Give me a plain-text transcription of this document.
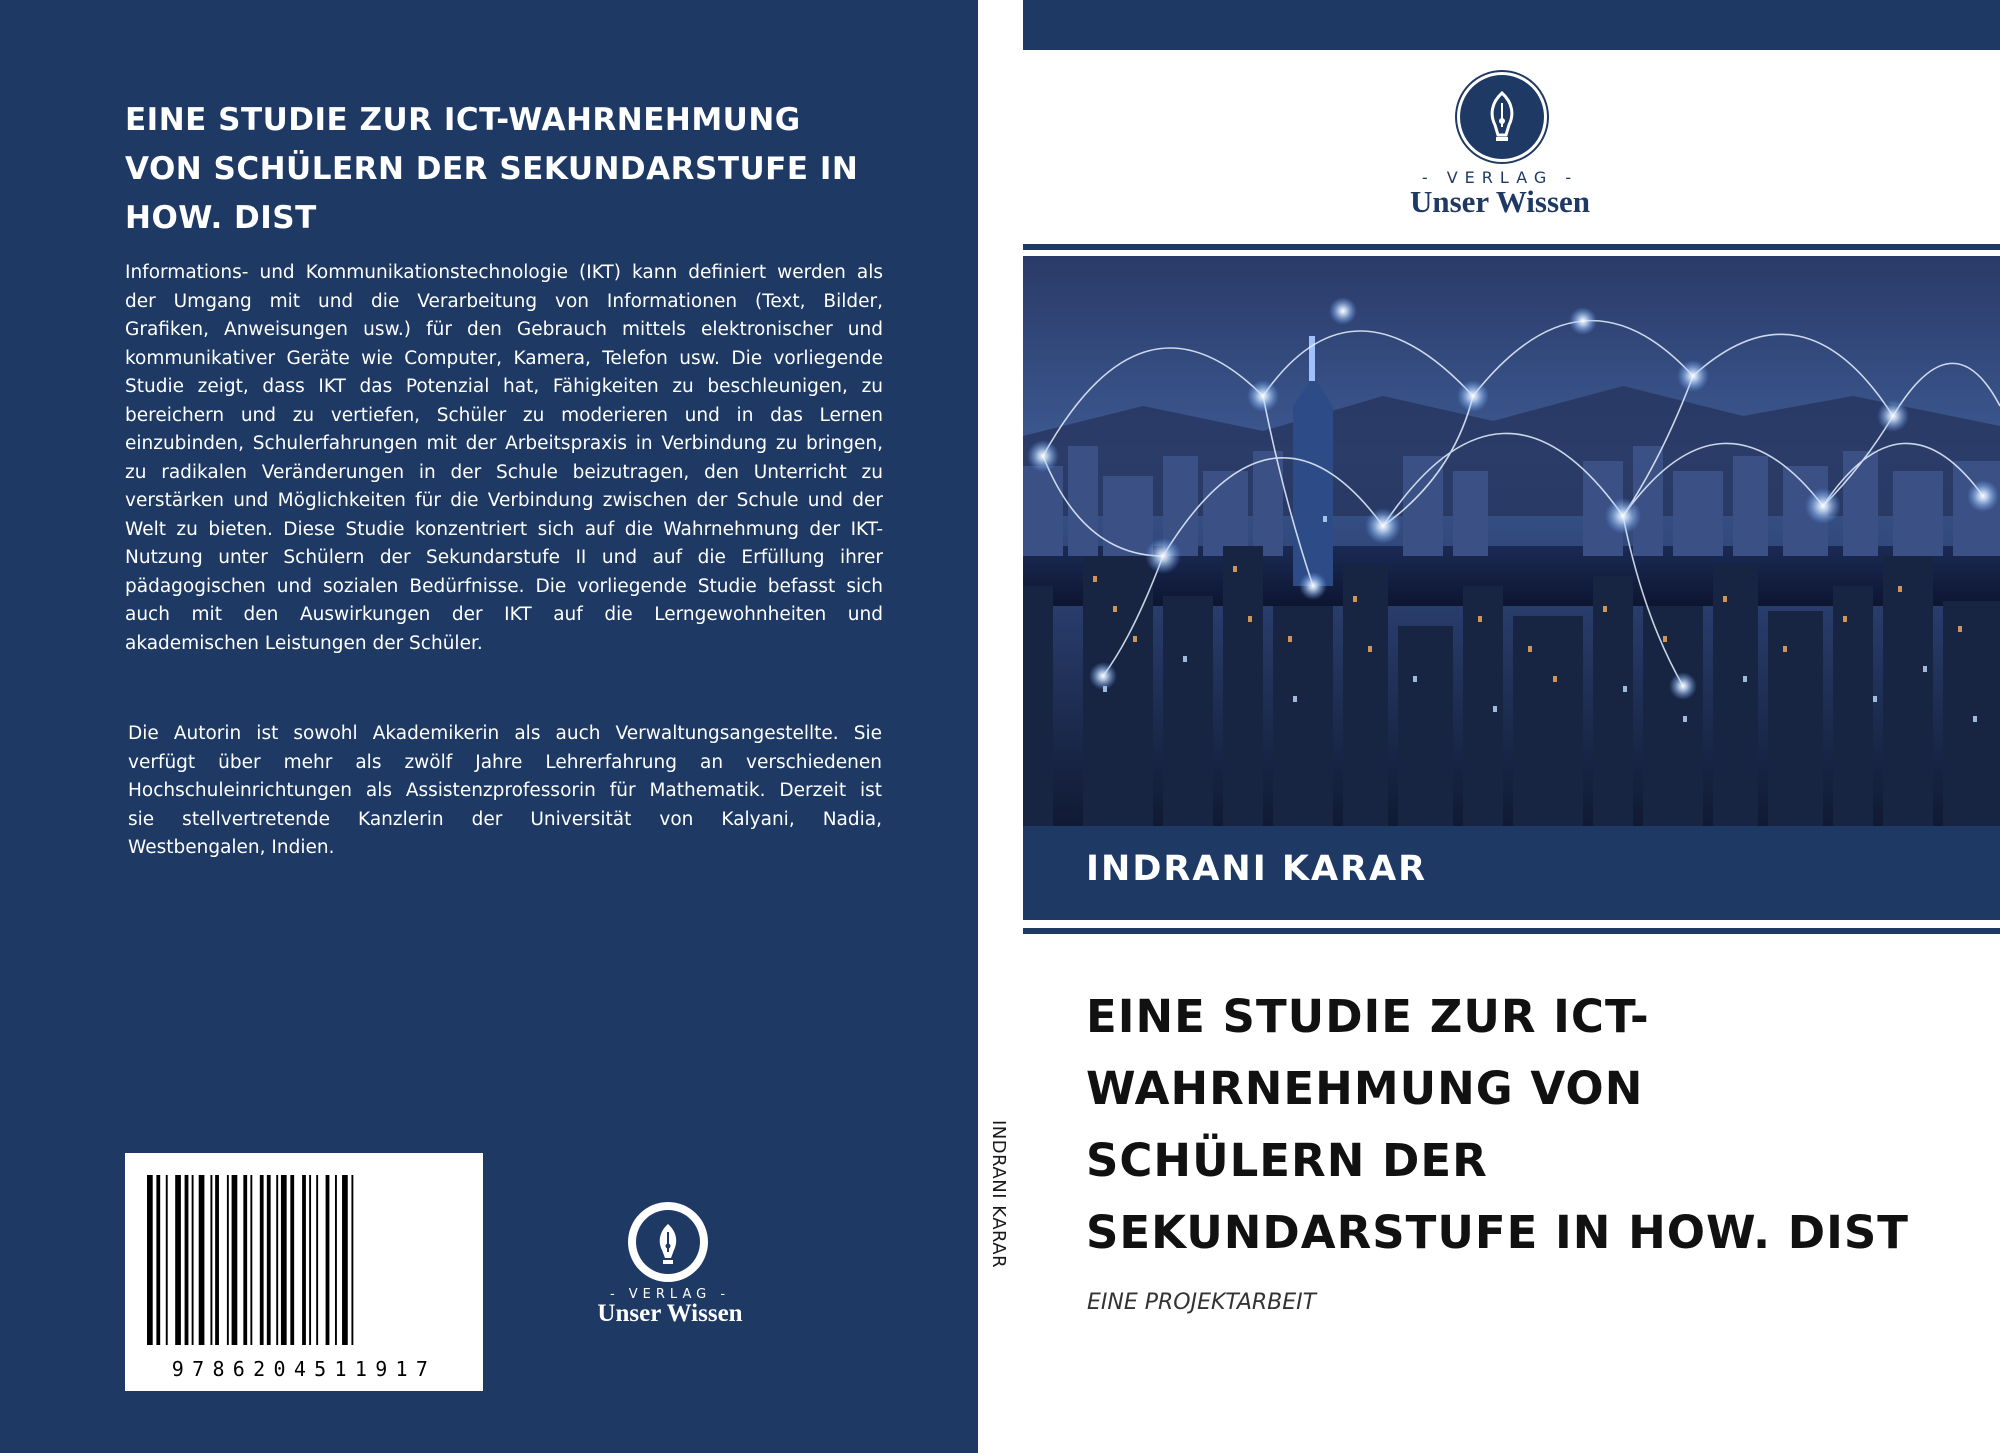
EINE STUDIE ZUR ICT-WAHRNEHMUNG
VON SCHÜLERN DER SEKUNDARSTUFE IN
HOW. DIST
Informations- und Kommunikationstechnologie (IKT) kann definiert werden als
der Umgang mit und die Verarbeitung von Informationen (Text, Bilder,
Grafiken, Anweisungen usw.) für den Gebrauch mittels elektronischer und
kommunikativer Geräte wie Computer, Kamera, Telefon usw. Die vorliegende
Studie zeigt, dass IKT das Potenzial hat, Fähigkeiten zu beschleunigen, zu
bereichern und zu vertiefen, Schüler zu moderieren und in das Lernen
einzubinden, Schulerfahrungen mit der Arbeitspraxis in Verbindung zu bringen,
zu radikalen Veränderungen in der Schule beizutragen, den Unterricht zu
verstärken und Möglichkeiten für die Verbindung zwischen der Schule und der
Welt zu bieten. Diese Studie konzentriert sich auf die Wahrnehmung der IKT-
Nutzung unter Schülern der Sekundarstufe II und auf die Erfüllung ihrer
pädagogischen und sozialen Bedürfnisse. Die vorliegende Studie befasst sich
auch mit den Auswirkungen der IKT auf die Lerngewohnheiten und
akademischen Leistungen der Schüler.
Die Autorin ist sowohl Akademikerin als auch Verwaltungsangestellte. Sie
verfügt über mehr als zwölf Jahre Lehrerfahrung an verschiedenen
Hochschuleinrichtungen als Assistenzprofessorin für Mathematik. Derzeit ist
sie stellvertretende Kanzlerin der Universität von Kalyani, Nadia,
Westbengalen, Indien.
9786204511917
- VERLAG -
Unser Wissen
INDRANI KARAR
- VERLAG -
Unser Wissen
INDRANI KARAR
EINE STUDIE ZUR ICT-
WAHRNEHMUNG VON
SCHÜLERN DER
SEKUNDARSTUFE IN HOW. DIST
EINE PROJEKTARBEIT
